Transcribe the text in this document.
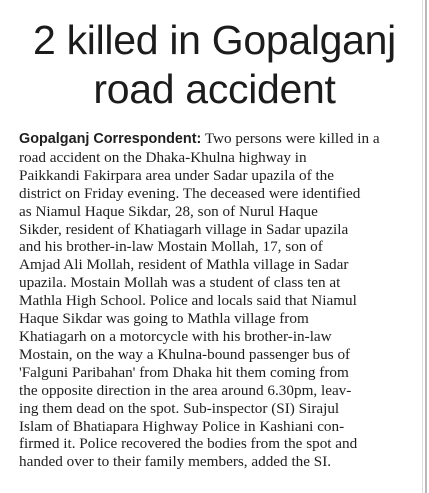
2 killed in Gopalganj
road accident

Gopalganj Correspondent: Two persons were killed in a
road accident on the Dhaka-Khulna highway in
Paikkandi Fakirpara area under Sadar upazila of the
district on Friday evening. The deceased were identified
as Niamul Haque Sikdar, 28, son of Nurul Haque
Sikder, resident of Khatiagarh village in Sadar upazila
and his brother-in-law Mostain Mollah, 17, son of
Amjad Ali Mollah, resident of Mathla village in Sadar
upazila. Mostain Mollah was a student of class ten at
Mathla High School. Police and locals said that Niamul
Haque Sikdar was going to Mathla village from
Khatiagarh on a motorcycle with his brother-in-law
Mostain, on the way a Khulna-bound passenger bus of
'Falguni Paribahan' from Dhaka hit them coming from
the opposite direction in the area around 6.30pm, leav-
ing them dead on the spot. Sub-inspector (SI) Sirajul
Islam of Bhatiapara Highway Police in Kashiani con-
firmed it. Police recovered the bodies from the spot and
handed over to their family members, added the SI.
